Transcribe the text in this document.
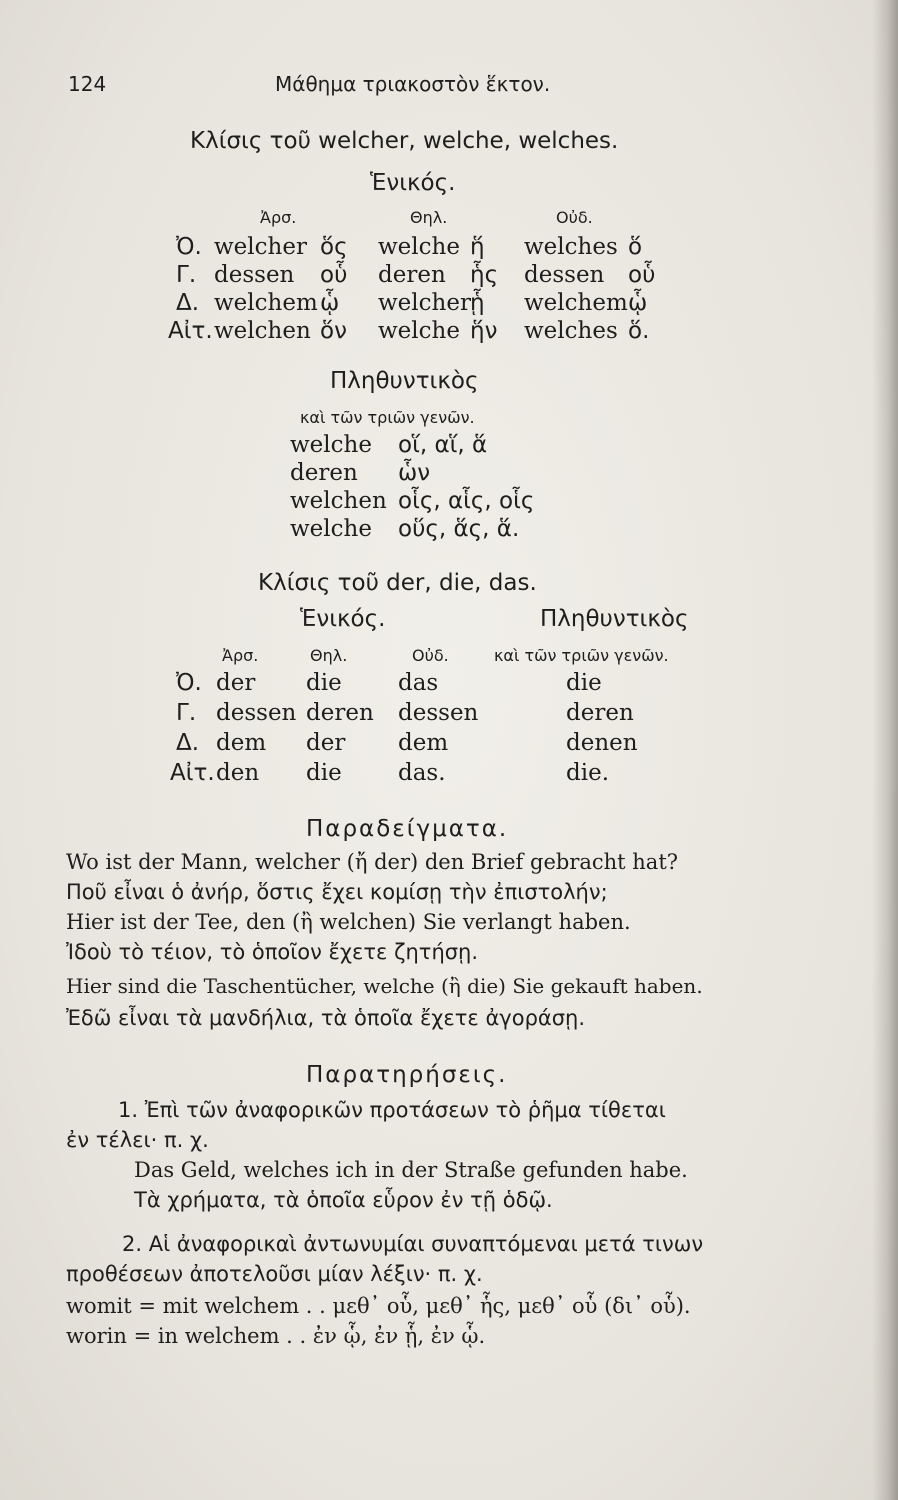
124	Μάθημα τριακοστὸν ἕκτον.
Κλίσις τοῦ welcher, welche, welches.
Ἑνικός.
Ἀρσ.	Θηλ.	Οὐδ.
Ὀ. welcher ὅς welche ἥ welches ὅ
Γ. dessen οὗ deren ἧς dessen οὗ
Δ. welchem ᾧ welcher ᾗ welchem ᾧ
Αἰτ. welchen ὅν welche ἥν welches ὅ.
Πληθυντικὸς
καὶ τῶν τριῶν γενῶν.
welche οἵ, αἵ, ἅ
deren ὧν
welchen οἷς, αἷς, οἷς
welche οὕς, ἅς, ἅ.
Κλίσις τοῦ der, die, das.
Ἑνικός.	Πληθυντικὸς
Ἀρσ.	Θηλ.	Οὐδ.	καὶ τῶν τριῶν γενῶν.
Ὀ. der die das	die
Γ. dessen deren dessen	deren
Δ. dem der dem	denen
Αἰτ. den die das.	die.
Παραδείγματα.
Wo ist der Mann, welcher (ἤ der) den Brief gebracht hat?
Ποῦ εἶναι ὁ ἀνήρ, ὅστις ἔχει κομίσῃ τὴν ἐπιστολήν;
Hier ist der Tee, den (ἢ welchen) Sie verlangt haben.
Ἰδοὺ τὸ τέιον, τὸ ὁποῖον ἔχετε ζητήσῃ.
Hier sind die Taschentücher, welche (ἢ die) Sie gekauft haben.
Ἐδῶ εἶναι τὰ μανδήλια, τὰ ὁποῖα ἔχετε ἀγοράσῃ.
Παρατηρήσεις.
1. Ἐπὶ τῶν ἀναφορικῶν προτάσεων τὸ ῥῆμα τίθεται
ἐν τέλει· π. χ.
Das Geld, welches ich in der Straße gefunden habe.
Τὰ χρήματα, τὰ ὁποῖα εὗρον ἐν τῇ ὁδῷ.
2. Αἱ ἀναφορικαὶ ἀντωνυμίαι συναπτόμεναι μετά τινων
προθέσεων ἀποτελοῦσι μίαν λέξιν· π. χ.
womit = mit welchem . . μεθ᾽ οὗ, μεθ᾽ ἧς, μεθ᾽ οὗ (δι᾽ οὗ).
worin = in welchem . . ἐν ᾧ, ἐν ᾗ, ἐν ᾧ.
